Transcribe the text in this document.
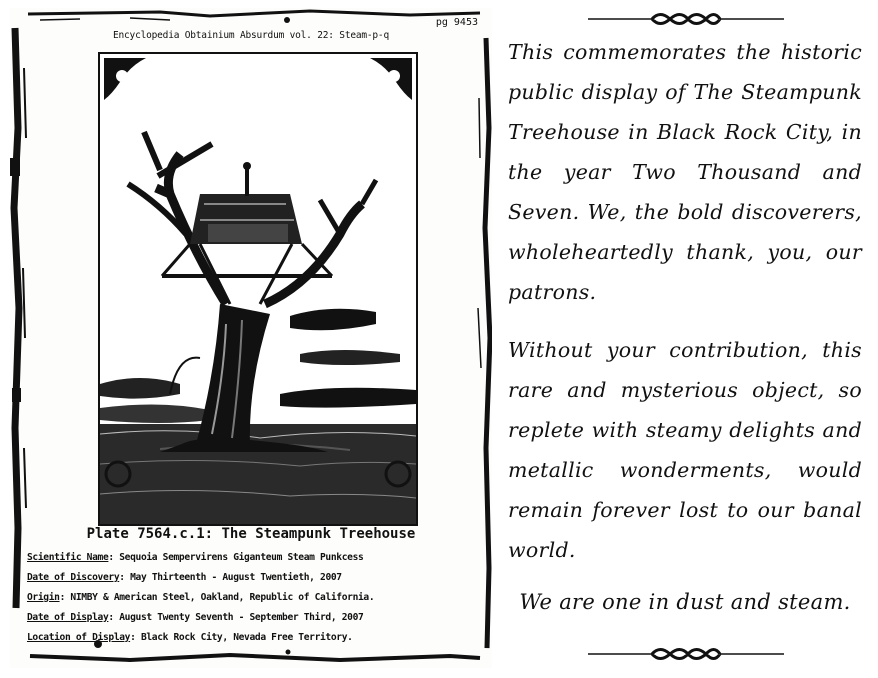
pg 9453
Encyclopedia Obtainium Absurdum vol. 22: Steam-p-q
Plate 7564.c.1: The Steampunk Treehouse
Scientific Name: Sequoia Sempervirens Giganteum Steam Punkcess
Date of Discovery: May Thirteenth - August Twentieth, 2007
Origin: NIMBY & American Steel, Oakland, Republic of California.
Date of Display: August Twenty Seventh - September Third, 2007
Location of Display: Black Rock City, Nevada Free Territory.
This commemorates the historic public display of The Steampunk Treehouse in Black Rock City, in the year Two Thousand and Seven. We, the bold discoverers, wholeheartedly thank, you, our patrons.
Without your contribution, this rare and mysterious object, so replete with steamy delights and metallic wonderments, would remain forever lost to our banal world.
We are one in dust and steam.
